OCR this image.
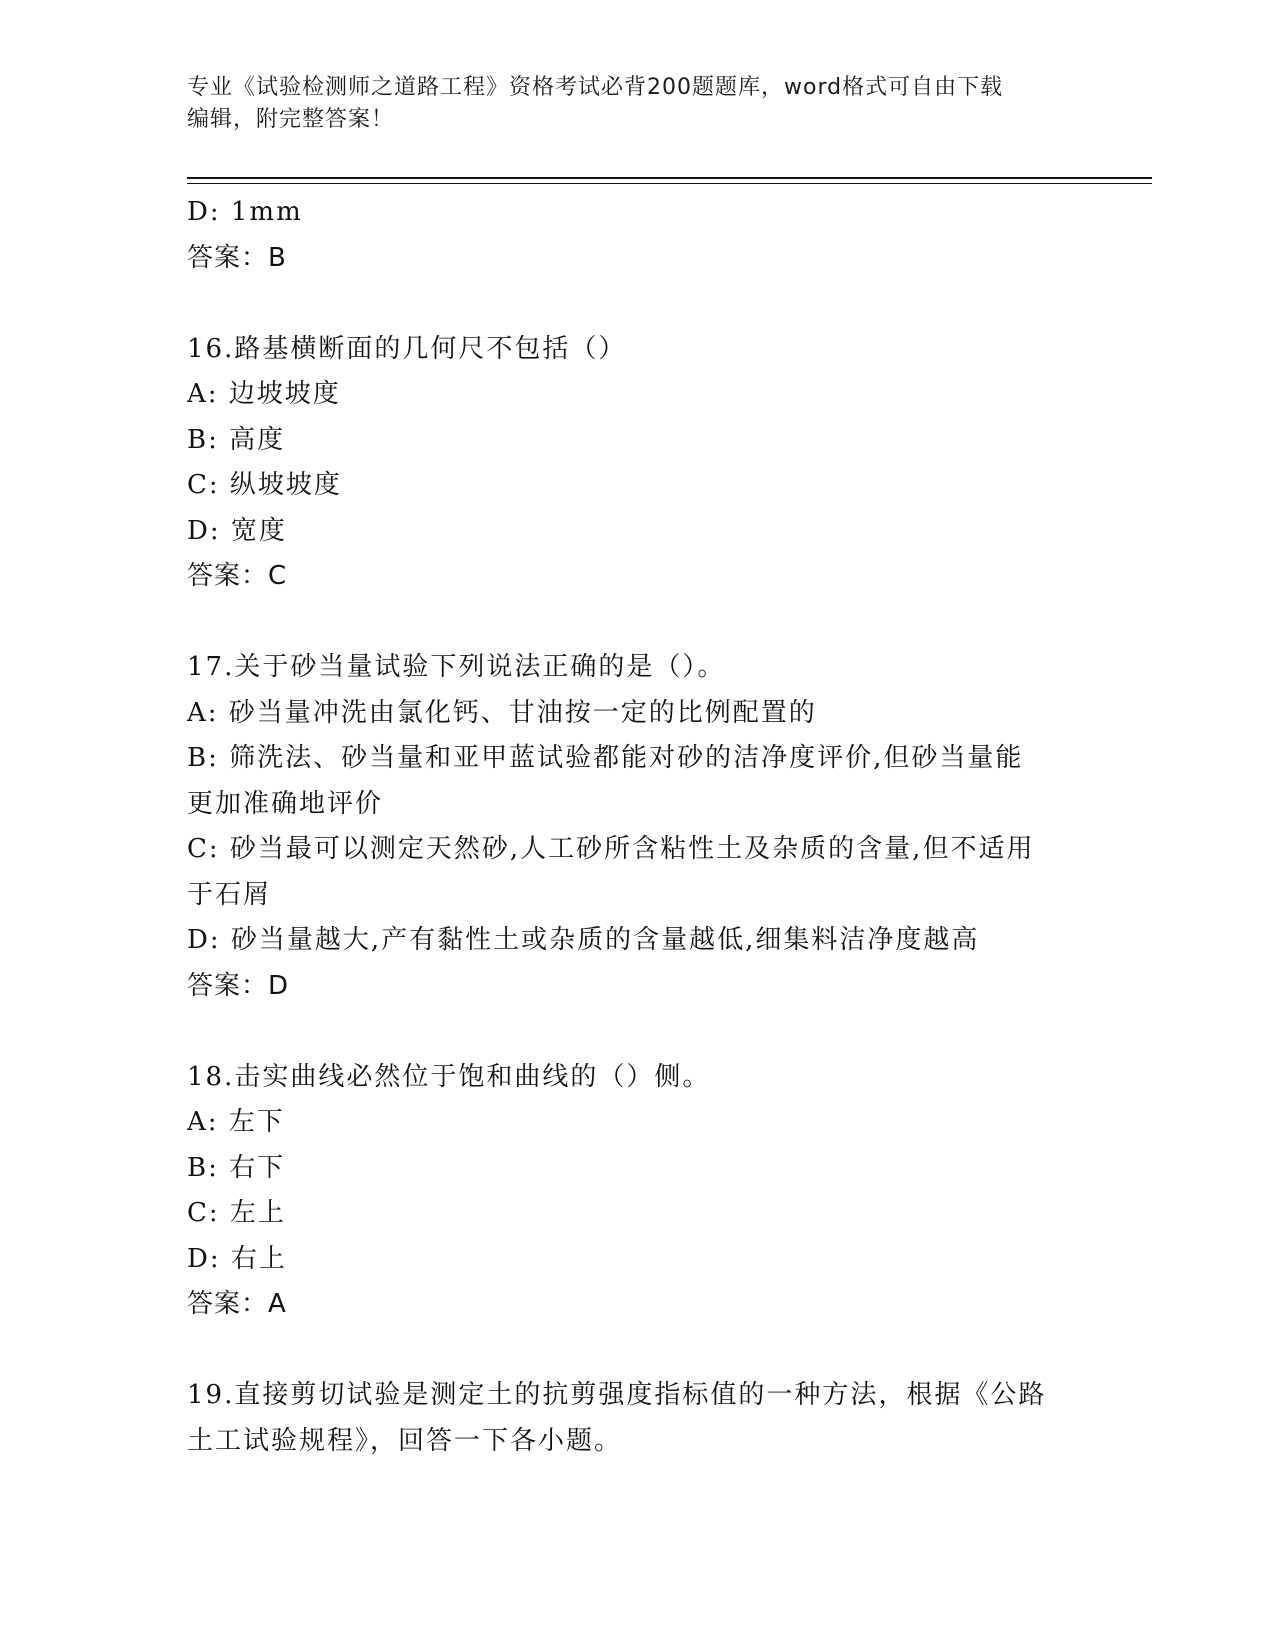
专业《试验检测师之道路工程》资格考试必背200题题库，word格式可自由下载
编辑，附完整答案！
D: 1mm
答案：B
16.路基横断面的几何尺不包括（）
A: 边坡坡度
B: 高度
C: 纵坡坡度
D: 宽度
答案：C
17.关于砂当量试验下列说法正确的是（）。
A: 砂当量冲洗由氯化钙、甘油按一定的比例配置的
B: 筛洗法、砂当量和亚甲蓝试验都能对砂的洁净度评价,但砂当量能
更加准确地评价
C: 砂当最可以测定天然砂,人工砂所含粘性土及杂质的含量,但不适用
于石屑
D: 砂当量越大,产有黏性土或杂质的含量越低,细集料洁净度越高
答案：D
18.击实曲线必然位于饱和曲线的（）侧。
A: 左下
B: 右下
C: 左上
D: 右上
答案：A
19.直接剪切试验是测定土的抗剪强度指标值的一种方法，根据《公路
土工试验规程》，回答一下各小题。
